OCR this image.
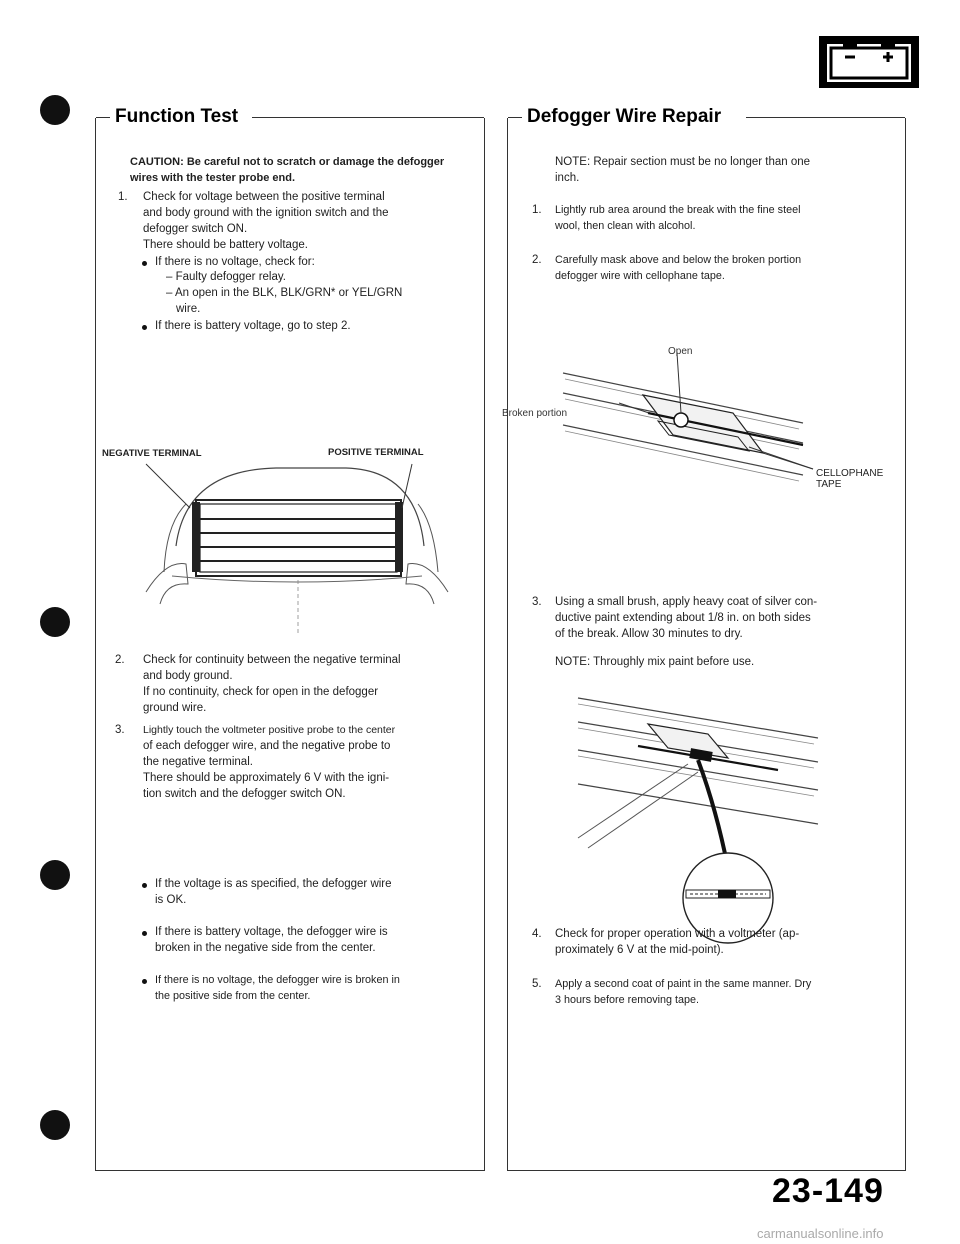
Function Test
CAUTION: Be careful not to scratch or damage the defogger wires with the tester probe end.
1. Check for voltage between the positive terminal
and body ground with the ignition switch and the
defogger switch ON.
There should be battery voltage.
If there is no voltage, check for:
– Faulty defogger relay.
– An open in the BLK, BLK/GRN* or YEL/GRN
wire.
If there is battery voltage, go to step 2.
NEGATIVE TERMINAL	POSITIVE TERMINAL
2. Check for continuity between the negative terminal
and body ground.
If no continuity, check for open in the defogger
ground wire.
3. Lightly touch the voltmeter positive probe to the center
of each defogger wire, and the negative probe to
the negative terminal.
There should be approximately 6 V with the igni-
tion switch and the defogger switch ON.
If the voltage is as specified, the defogger wire
is OK.
If there is battery voltage, the defogger wire is
broken in the negative side from the center.
If there is no voltage, the defogger wire is broken in
the positive side from the center.
Defogger Wire Repair
NOTE: Repair section must be no longer than one
inch.
1. Lightly rub area around the break with the fine steel
wool, then clean with alcohol.
2. Carefully mask above and below the broken portion
defogger wire with cellophane tape.
Open
Broken portion
CELLOPHANE
TAPE
3. Using a small brush, apply heavy coat of silver con-
ductive paint extending about 1/8 in. on both sides
of the break. Allow 30 minutes to dry.
NOTE: Throughly mix paint before use.
4. Check for proper operation with a voltmeter (ap-
proximately 6 V at the mid-point).
5. Apply a second coat of paint in the same manner. Dry
3 hours before removing tape.
23-149
carmanualsonline.info
